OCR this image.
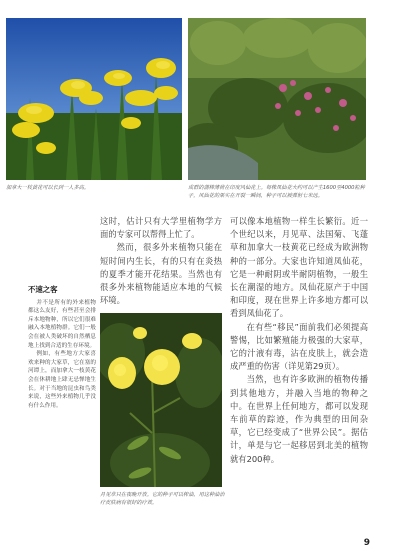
加拿大一枝黄花可以长到一人多高。	成群的蒲棒薄荷在印度风仙花上。每株凤仙花大约可以产生1600至4000粒种子，风仙花的果实在开裂一瞬间，种子可以被弹射七米远。

这时，估计只有大学里植物学方面的专家可以帮得上忙了。

然而，很多外来植物只能在短时间内生长，有的只有在炎热的夏季才能开花结果。当然也有很多外来植物能适应本地的气候环境。

可以像本地植物一样生长繁衍。近一个世纪以来，月见草、法国菊、飞蓬草和加拿大一枝黄花已经成为欧洲物种的一部分。大家也许知道凤仙花，它是一种耐阴或半耐阴植物，一般生长在潮湿的地方。凤仙花原产于中国和印度，现在世界上许多地方都可以看到凤仙花了。

在有些“移民”面前我们必须提高警惕，比如繁殖能力极强的大家草，它的汁液有毒，沾在皮肤上，就会造成严重的伤害（详见第29页）。

当然，也有许多欧洲的植物传播到其他地方，并融入当地的物种之中。在世界上任何地方，都可以发现车前草的踪迹，作为典型的田间杂草，它已经变成了“世界公民”。据估计，单是与它一起移居到北美的植物就有200种。

不速之客

并不是所有的外来植物都这么友好，有些甚至会排斥本地物种，所以它们很难融入本地植物群。它们一般会在被人类破坏的自然栖息地上找到合适的生存环境。

例如，有些地方大家喜欢来种的大家草，它在塞的河谭上，而加拿大一枝黄花会在休耕地上肆无忌惮地生长。对于当地的昆虫和鸟类来说，这些外来植物几乎没有什么作用。

月见草只在夜晚开放。它的种子可以榨油，用这种油治疗皮肤病有很好的疗效。
9
